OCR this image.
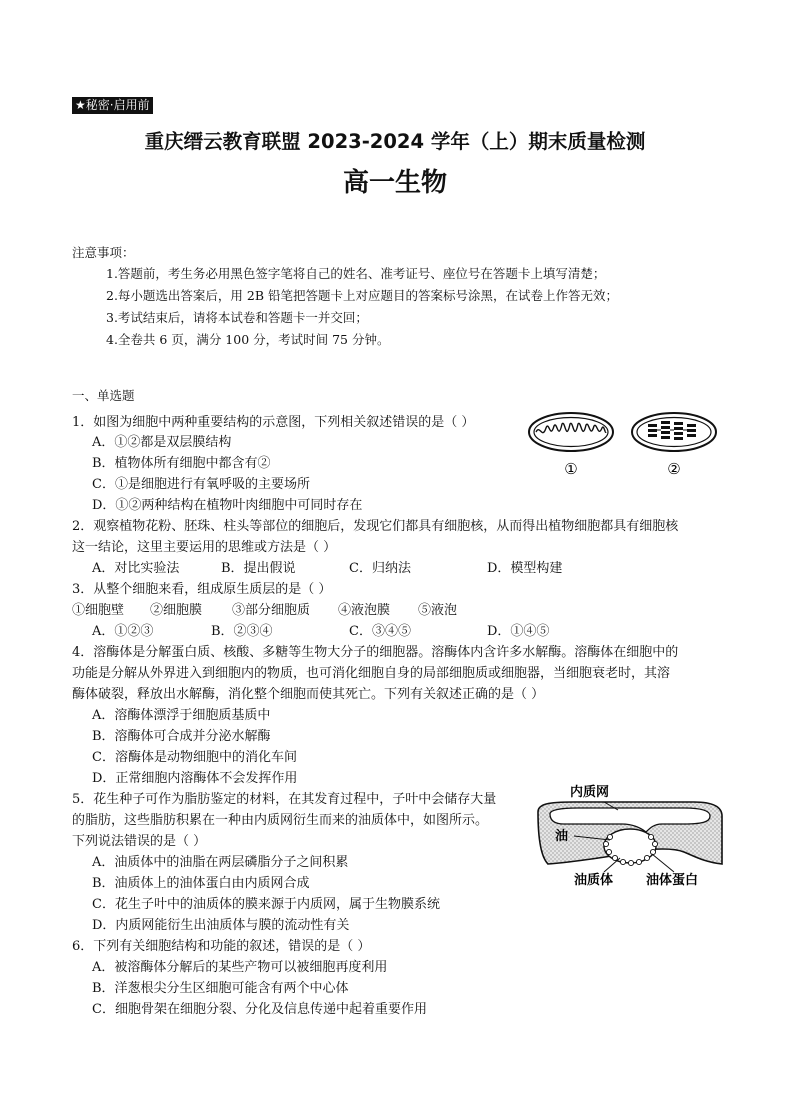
★秘密·启用前
重庆缙云教育联盟 2023-2024 学年（上）期末质量检测
高一生物
注意事项：
1.答题前，考生务必用黑色签字笔将自己的姓名、准考证号、座位号在答题卡上填写清楚；
2.每小题选出答案后，用 2B 铅笔把答题卡上对应题目的答案标号涂黑，在试卷上作答无效；
3.考试结束后，请将本试卷和答题卡一并交回；
4.全卷共 6 页，满分 100 分，考试时间 75 分钟。
一、单选题
1．如图为细胞中两种重要结构的示意图，下列相关叙述错误的是（ ）
A．①②都是双层膜结构
B．植物体所有细胞中都含有②
C．①是细胞进行有氧呼吸的主要场所
D．①②两种结构在植物叶肉细胞中可同时存在
①	②
2．观察植物花粉、胚珠、柱头等部位的细胞后，发现它们都具有细胞核，从而得出植物细胞都具有细胞核
这一结论，这里主要运用的思维或方法是（ ）
A．对比实验法	B．提出假说	C．归纳法	D．模型构建
3．从整个细胞来看，组成原生质层的是（ ）
①细胞壁 ②细胞膜 ③部分细胞质 ④液泡膜 ⑤液泡
A．①②③	B．②③④	C．③④⑤	D．①④⑤
4．溶酶体是分解蛋白质、核酸、多糖等生物大分子的细胞器。溶酶体内含许多水解酶。溶酶体在细胞中的
功能是分解从外界进入到细胞内的物质，也可消化细胞自身的局部细胞质或细胞器，当细胞衰老时，其溶
酶体破裂，释放出水解酶，消化整个细胞而使其死亡。下列有关叙述正确的是（ ）
A．溶酶体漂浮于细胞质基质中
B．溶酶体可合成并分泌水解酶
C．溶酶体是动物细胞中的消化车间
D．正常细胞内溶酶体不会发挥作用
5．花生种子可作为脂肪鉴定的材料，在其发育过程中，子叶中会储存大量
的脂肪，这些脂肪积累在一种由内质网衍生而来的油质体中，如图所示。
下列说法错误的是（ ）
A．油质体中的油脂在两层磷脂分子之间积累
B．油质体上的油体蛋白由内质网合成
C．花生子叶中的油质体的膜来源于内质网，属于生物膜系统
D．内质网能衍生出油质体与膜的流动性有关
内质网
油
油质体	油体蛋白
6．下列有关细胞结构和功能的叙述，错误的是（ ）
A．被溶酶体分解后的某些产物可以被细胞再度利用
B．洋葱根尖分生区细胞可能含有两个中心体
C．细胞骨架在细胞分裂、分化及信息传递中起着重要作用
